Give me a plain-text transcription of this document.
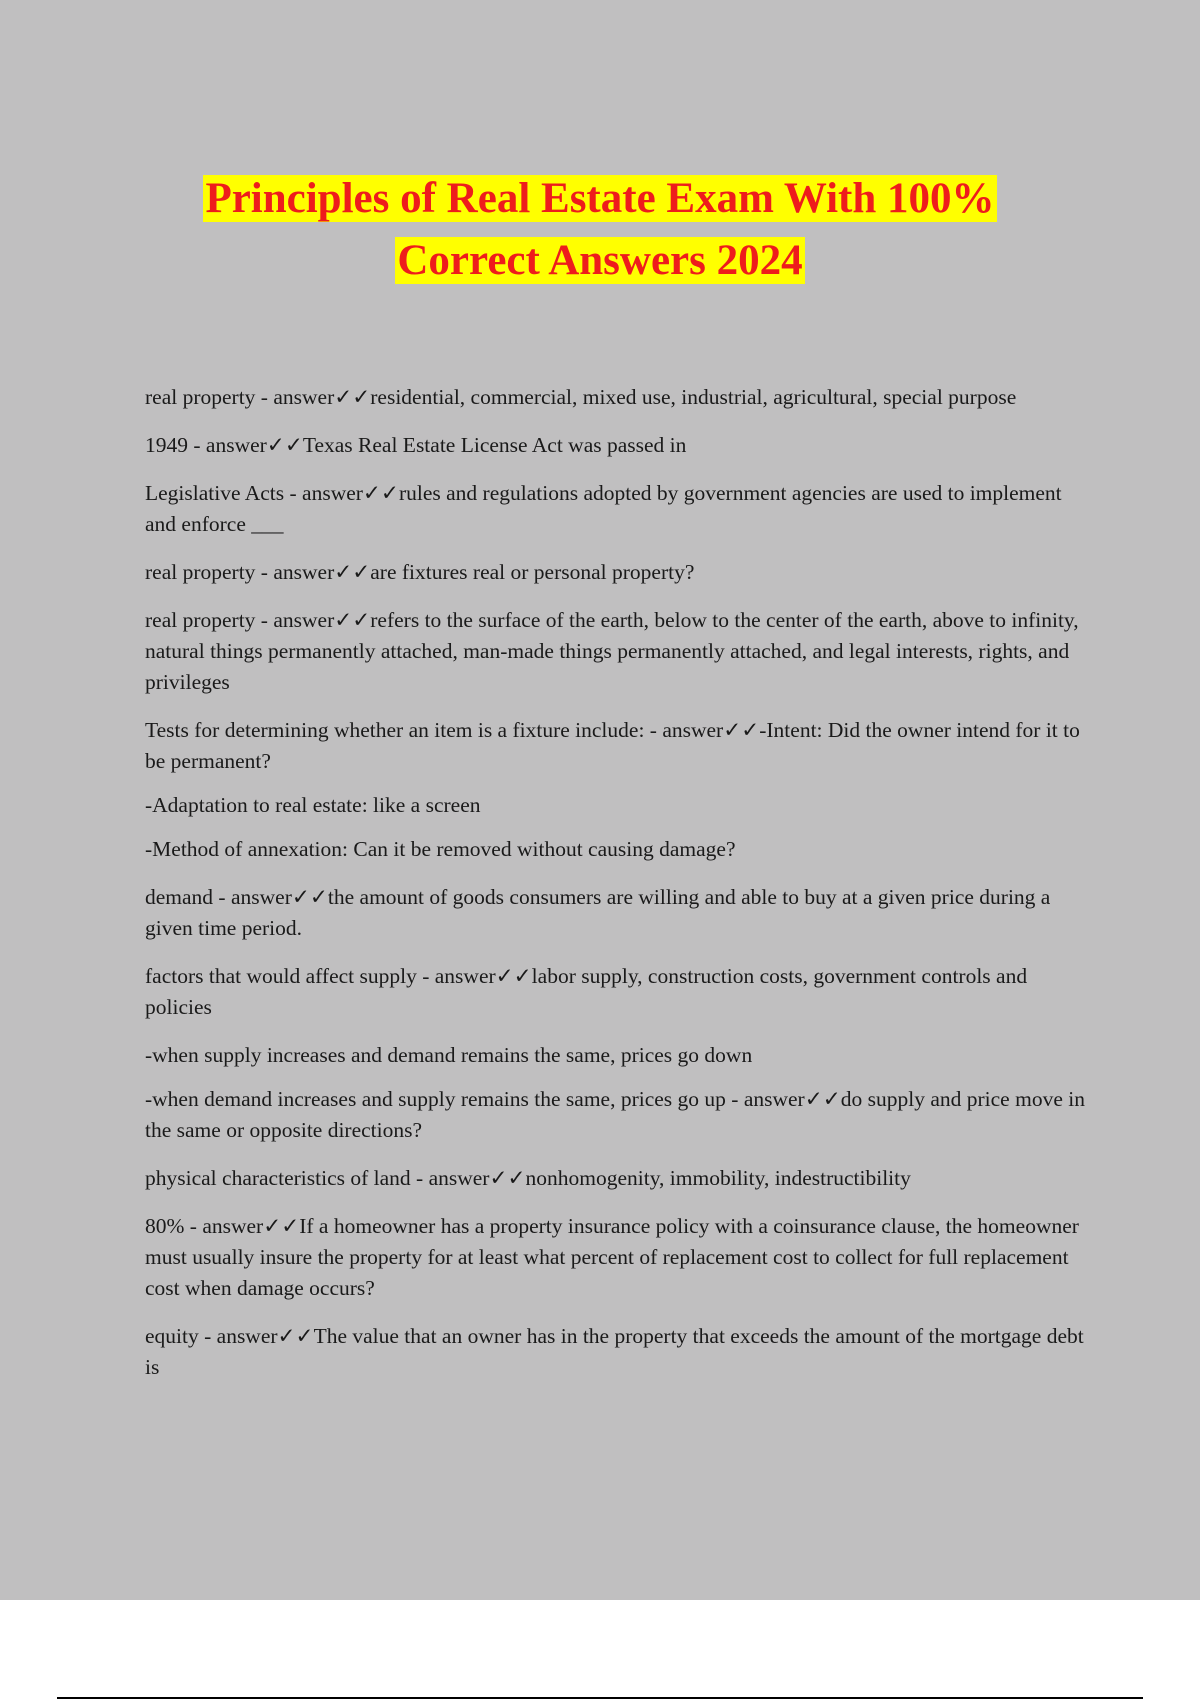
Principles of Real Estate Exam With 100%
Correct Answers 2024

real property - answer✓✓residential, commercial, mixed use, industrial, agricultural, special purpose

1949 - answer✓✓Texas Real Estate License Act was passed in

Legislative Acts - answer✓✓rules and regulations adopted by government agencies are used to implement and enforce ___

real property - answer✓✓are fixtures real or personal property?

real property - answer✓✓refers to the surface of the earth, below to the center of the earth, above to infinity, natural things permanently attached, man-made things permanently attached, and legal interests, rights, and privileges

Tests for determining whether an item is a fixture include: - answer✓✓-Intent: Did the owner intend for it to be permanent?

-Adaptation to real estate: like a screen

-Method of annexation: Can it be removed without causing damage?

demand - answer✓✓the amount of goods consumers are willing and able to buy at a given price during a given time period.

factors that would affect supply - answer✓✓labor supply, construction costs, government controls and policies

-when supply increases and demand remains the same, prices go down

-when demand increases and supply remains the same, prices go up - answer✓✓do supply and price move in the same or opposite directions?

physical characteristics of land - answer✓✓nonhomogenity, immobility, indestructibility

80% - answer✓✓If a homeowner has a property insurance policy with a coinsurance clause, the homeowner must usually insure the property for at least what percent of replacement cost to collect for full replacement cost when damage occurs?

equity - answer✓✓The value that an owner has in the property that exceeds the amount of the mortgage debt is
